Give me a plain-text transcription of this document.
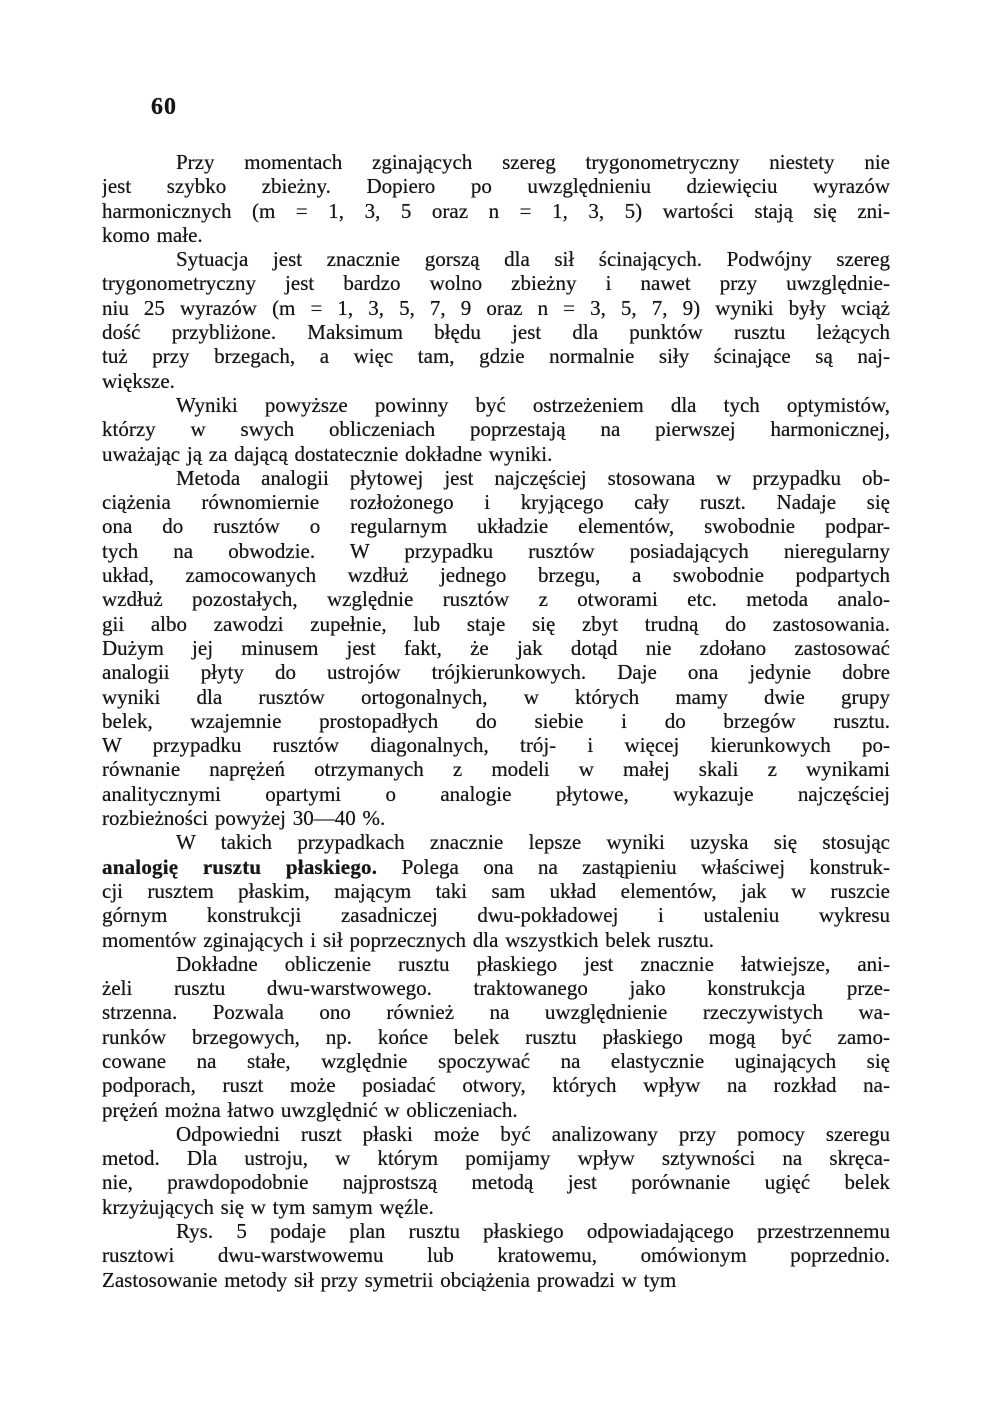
60
Przy momentach zginających szereg trygonometryczny niestety nie
jest szybko zbieżny. Dopiero po uwzględnieniu dziewięciu wyrazów
harmonicznych (m = 1, 3, 5 oraz n = 1, 3, 5) wartości stają się zni-
komo małe.
Sytuacja jest znacznie gorszą dla sił ścinających. Podwójny szereg
trygonometryczny jest bardzo wolno zbieżny i nawet przy uwzględnie-
niu 25 wyrazów (m = 1, 3, 5, 7, 9 oraz n = 3, 5, 7, 9) wyniki były wciąż
dość przybliżone. Maksimum błędu jest dla punktów rusztu leżących
tuż przy brzegach, a więc tam, gdzie normalnie siły ścinające są naj-
większe.
Wyniki powyższe powinny być ostrzeżeniem dla tych optymistów,
którzy w swych obliczeniach poprzestają na pierwszej harmonicznej,
uważając ją za dającą dostatecznie dokładne wyniki.
Metoda analogii płytowej jest najczęściej stosowana w przypadku ob-
ciążenia równomiernie rozłożonego i kryjącego cały ruszt. Nadaje się
ona do rusztów o regularnym układzie elementów, swobodnie podpar-
tych na obwodzie. W przypadku rusztów posiadających nieregularny
układ, zamocowanych wzdłuż jednego brzegu, a swobodnie podpartych
wzdłuż pozostałych, względnie rusztów z otworami etc. metoda analo-
gii albo zawodzi zupełnie, lub staje się zbyt trudną do zastosowania.
Dużym jej minusem jest fakt, że jak dotąd nie zdołano zastosować
analogii płyty do ustrojów trójkierunkowych. Daje ona jedynie dobre
wyniki dla rusztów ortogonalnych, w których mamy dwie grupy
belek, wzajemnie prostopadłych do siebie i do brzegów rusztu.
W przypadku rusztów diagonalnych, trój- i więcej kierunkowych po-
równanie naprężeń otrzymanych z modeli w małej skali z wynikami
analitycznymi opartymi o analogie płytowe, wykazuje najczęściej
rozbieżności powyżej 30—40 %.
W takich przypadkach znacznie lepsze wyniki uzyska się stosując
analogię rusztu płaskiego. Polega ona na zastąpieniu właściwej konstruk-
cji rusztem płaskim, mającym taki sam układ elementów, jak w ruszcie
górnym konstrukcji zasadniczej dwu-pokładowej i ustaleniu wykresu
momentów zginających i sił poprzecznych dla wszystkich belek rusztu.
Dokładne obliczenie rusztu płaskiego jest znacznie łatwiejsze, ani-
żeli rusztu dwu-warstwowego. traktowanego jako konstrukcja prze-
strzenna. Pozwala ono również na uwzględnienie rzeczywistych wa-
runków brzegowych, np. końce belek rusztu płaskiego mogą być zamo-
cowane na stałe, względnie spoczywać na elastycznie uginających się
podporach, ruszt może posiadać otwory, których wpływ na rozkład na-
prężeń można łatwo uwzględnić w obliczeniach.
Odpowiedni ruszt płaski może być analizowany przy pomocy szeregu
metod. Dla ustroju, w którym pomijamy wpływ sztywności na skręca-
nie, prawdopodobnie najprostszą metodą jest porównanie ugięć belek
krzyżujących się w tym samym węźle.
Rys. 5 podaje plan rusztu płaskiego odpowiadającego przestrzennemu
rusztowi dwu-warstwowemu lub kratowemu, omówionym poprzednio.
Zastosowanie metody sił przy symetrii obciążenia prowadzi w tym
